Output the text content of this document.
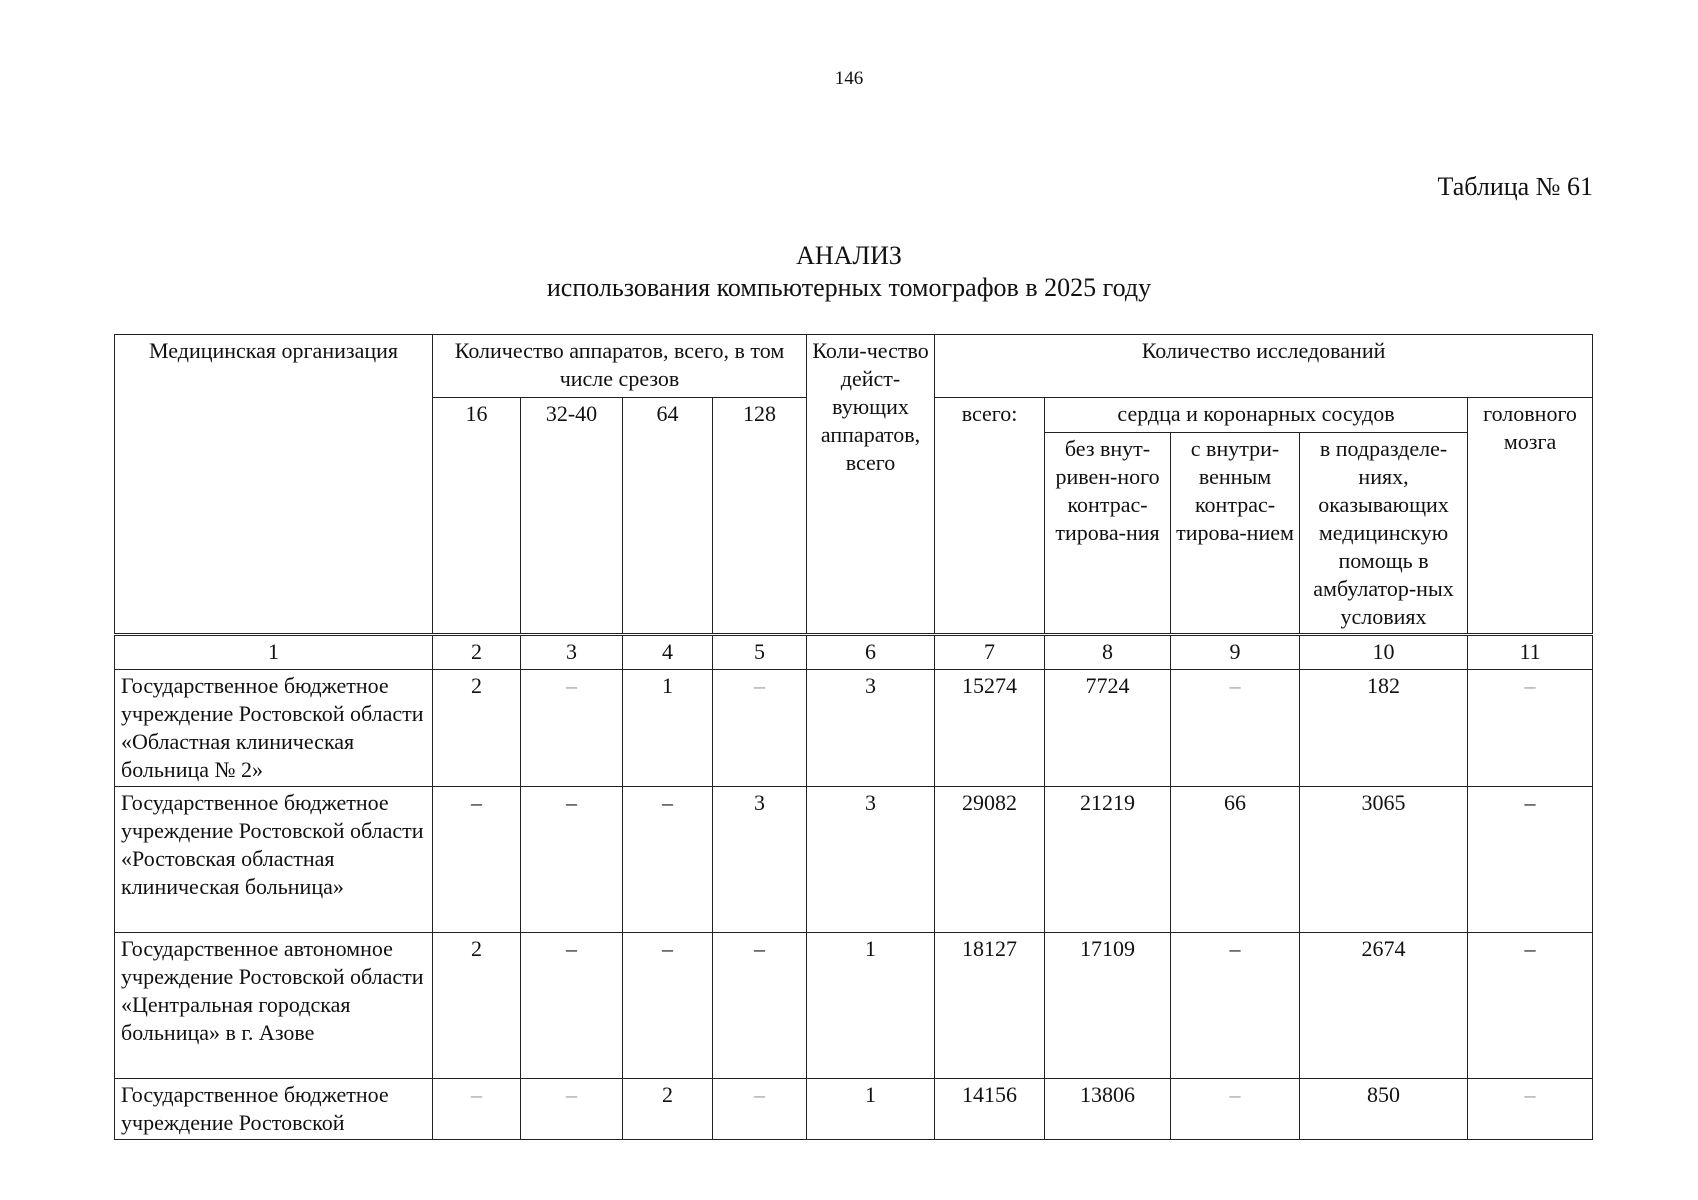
146
Таблица № 61
АНАЛИЗ
использования компьютерных томографов в 2025 году
Медицинская организация	Количество аппаратов, всего, в том числе срезов				Коли-чество дейст-вующих аппаратов, всего	Количество исследований				
	16	32-40	64	128		всего:	сердца и коронарных сосудов			головного мозга
							без внут-ривен-ного контрас-тирова-ния	с внутри-венным контрас-тирова-нием	в подразделе-ниях, оказывающих медицинскую помощь в амбулатор-ных условиях	
1	2	3	4	5	6	7	8	9	10	11
Государственное бюджетное учреждение Ростовской области «Областная клиническая больница № 2»	2	–	1	–	3	15274	7724	–	182	–
Государственное бюджетное учреждение Ростовской области «Ростовская областная клиническая больница»	–	–	–	3	3	29082	21219	66	3065	–
Государственное автономное учреждение Ростовской области «Центральная городская больница» в г. Азове	2	–	–	–	1	18127	17109	–	2674	–
Государственное бюджетное учреждение Ростовской	–	–	2	–	1	14156	13806	–	850	–
